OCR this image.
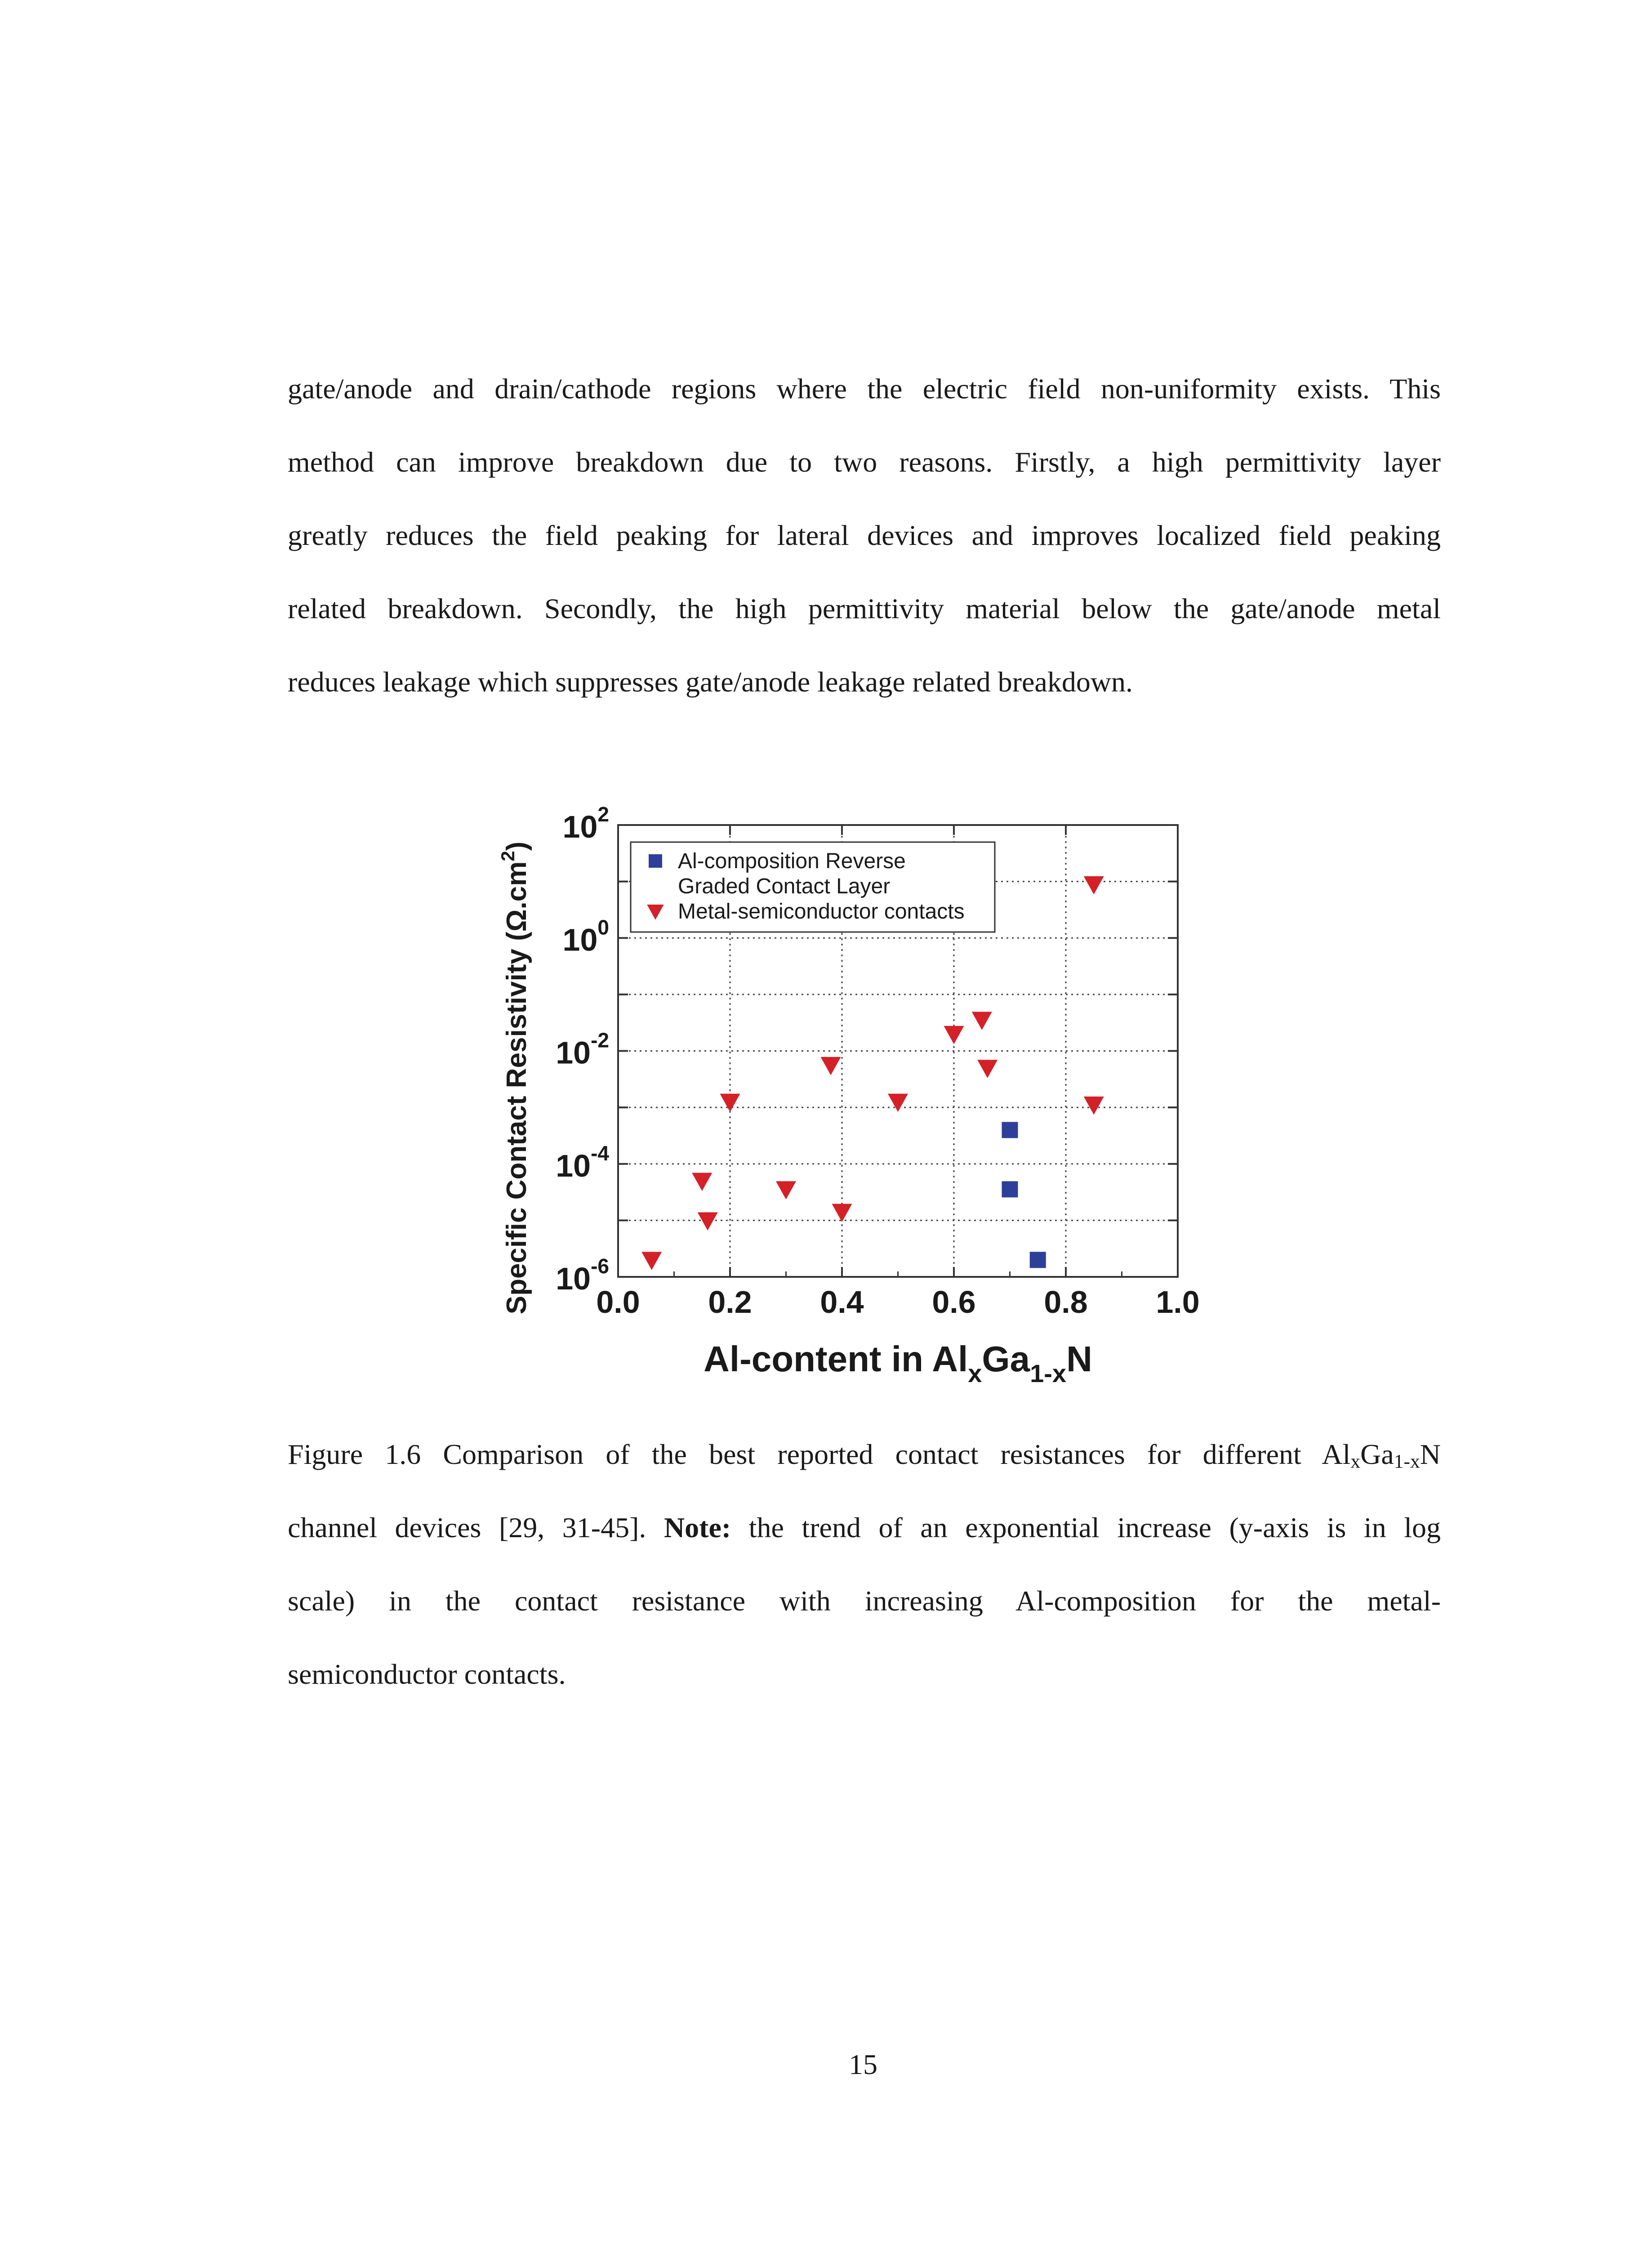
gate/anode and drain/cathode regions where the electric field non-uniformity exists. This
method can improve breakdown due to two reasons. Firstly, a high permittivity layer
greatly reduces the field peaking for lateral devices and improves localized field peaking
related breakdown. Secondly, the high permittivity material below the gate/anode metal
reduces leakage which suppresses gate/anode leakage related breakdown.
0.0 0.2 0.4 0.6 0.8 1.0
$10^2$
$10^0$
$10^{-2}$
$10^{-4}$
$10^{-6}$
Al-composition Reverse
Graded Contact Layer
Metal-semiconductor contacts
Al-content in $Al_xGa_{1-x}N$
Specific Contact Resistivity $(\Omega.cm^2)$
Figure 1.6 Comparison of the best reported contact resistances for different $Al_xGa_{1-x}N$
channel devices [29, 31-45]. Note: the trend of an exponential increase (y-axis is in log
scale) in the contact resistance with increasing Al-composition for the metal-
semiconductor contacts.
15
